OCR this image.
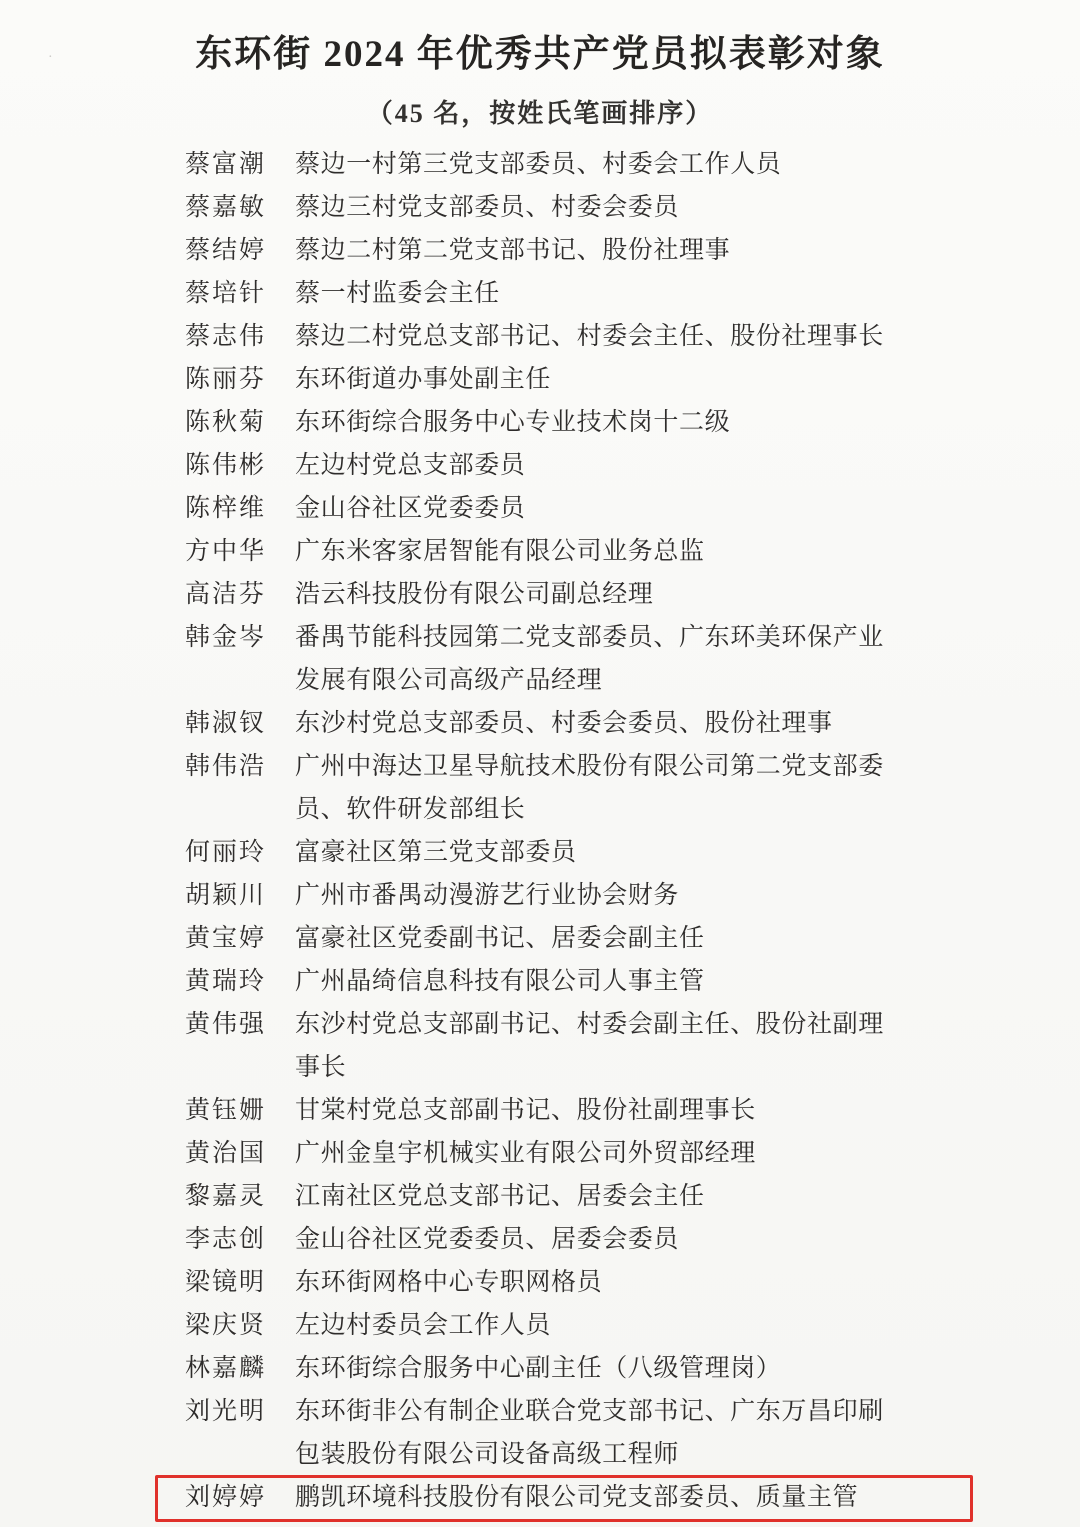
·	东环街 2024 年优秀共产党员拟表彰对象
（45 名，按姓氏笔画排序）
蔡富潮 蔡边一村第三党支部委员、村委会工作人员
蔡嘉敏 蔡边三村党支部委员、村委会委员
蔡结婷 蔡边二村第二党支部书记、股份社理事
蔡培针 蔡一村监委会主任
蔡志伟 蔡边二村党总支部书记、村委会主任、股份社理事长
陈丽芬 东环街道办事处副主任
陈秋菊 东环街综合服务中心专业技术岗十二级
陈伟彬 左边村党总支部委员
陈梓维 金山谷社区党委委员
方中华 广东米客家居智能有限公司业务总监
高洁芬 浩云科技股份有限公司副总经理
韩金岑 番禺节能科技园第二党支部委员、广东环美环保产业发展有限公司高级产品经理
韩淑钗 东沙村党总支部委员、村委会委员、股份社理事
韩伟浩 广州中海达卫星导航技术股份有限公司第二党支部委员、软件研发部组长
何丽玲 富豪社区第三党支部委员
胡颖川 广州市番禺动漫游艺行业协会财务
黄宝婷 富豪社区党委副书记、居委会副主任
黄瑞玲 广州晶绮信息科技有限公司人事主管
黄伟强 东沙村党总支部副书记、村委会副主任、股份社副理事长
黄钰姗 甘棠村党总支部副书记、股份社副理事长
黄治国 广州金皇宇机械实业有限公司外贸部经理
黎嘉灵 江南社区党总支部书记、居委会主任
李志创 金山谷社区党委委员、居委会委员
梁镜明 东环街网格中心专职网格员
梁庆贤 左边村委员会工作人员
林嘉麟 东环街综合服务中心副主任（八级管理岗）
刘光明 东环街非公有制企业联合党支部书记、广东万昌印刷包装股份有限公司设备高级工程师
刘婷婷 鹏凯环境科技股份有限公司党支部委员、质量主管
